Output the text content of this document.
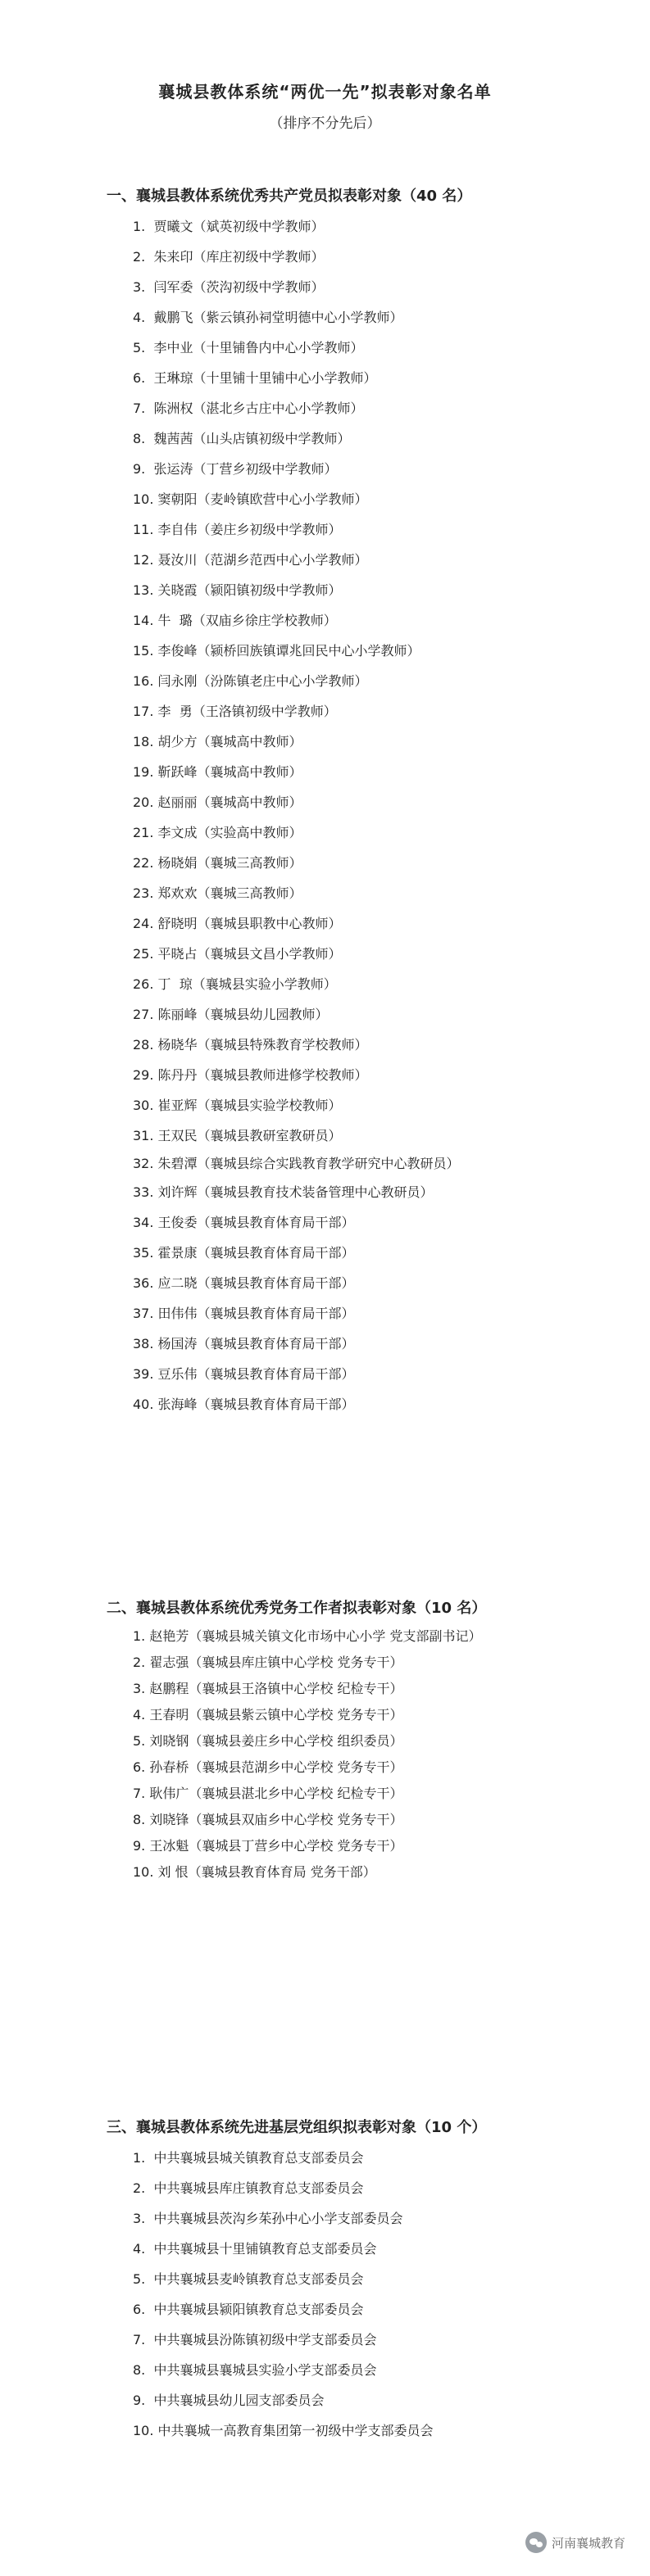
襄城县教体系统“两优一先”拟表彰对象名单
（排序不分先后）
一、襄城县教体系统优秀共产党员拟表彰对象（40 名）
1.  贾曦文（斌英初级中学教师）
2.  朱来印（库庄初级中学教师）
3.  闫军委（茨沟初级中学教师）
4.  戴鹏飞（紫云镇孙祠堂明德中心小学教师）
5.  李中业（十里铺鲁内中心小学教师）
6.  王琳琼（十里铺十里铺中心小学教师）
7.  陈洲权（湛北乡古庄中心小学教师）
8.  魏茜茜（山头店镇初级中学教师）
9.  张运涛（丁营乡初级中学教师）
10. 窦朝阳（麦岭镇欧营中心小学教师）
11. 李自伟（姜庄乡初级中学教师）
12. 聂汝川（范湖乡范西中心小学教师）
13. 关晓霞（颍阳镇初级中学教师）
14. 牛  璐（双庙乡徐庄学校教师）
15. 李俊峰（颍桥回族镇谭兆回民中心小学教师）
16. 闫永刚（汾陈镇老庄中心小学教师）
17. 李  勇（王洛镇初级中学教师）
18. 胡少方（襄城高中教师）
19. 靳跃峰（襄城高中教师）
20. 赵丽丽（襄城高中教师）
21. 李文成（实验高中教师）
22. 杨晓娟（襄城三高教师）
23. 郑欢欢（襄城三高教师）
24. 舒晓明（襄城县职教中心教师）
25. 平晓占（襄城县文昌小学教师）
26. 丁  琼（襄城县实验小学教师）
27. 陈丽峰（襄城县幼儿园教师）
28. 杨晓华（襄城县特殊教育学校教师）
29. 陈丹丹（襄城县教师进修学校教师）
30. 崔亚辉（襄城县实验学校教师）
31. 王双民（襄城县教研室教研员）
32. 朱碧潭（襄城县综合实践教育教学研究中心教研员）
33. 刘许辉（襄城县教育技术装备管理中心教研员）
34. 王俊委（襄城县教育体育局干部）
35. 霍景康（襄城县教育体育局干部）
36. 应二晓（襄城县教育体育局干部）
37. 田伟伟（襄城县教育体育局干部）
38. 杨国涛（襄城县教育体育局干部）
39. 豆乐伟（襄城县教育体育局干部）
40. 张海峰（襄城县教育体育局干部）
二、襄城县教体系统优秀党务工作者拟表彰对象（10 名）
1. 赵艳芳（襄城县城关镇文化市场中心小学 党支部副书记）
2. 翟志强（襄城县库庄镇中心学校 党务专干）
3. 赵鹏程（襄城县王洛镇中心学校 纪检专干）
4. 王春明（襄城县紫云镇中心学校 党务专干）
5. 刘晓钢（襄城县姜庄乡中心学校 组织委员）
6. 孙春桥（襄城县范湖乡中心学校 党务专干）
7. 耿伟广（襄城县湛北乡中心学校 纪检专干）
8. 刘晓锋（襄城县双庙乡中心学校 党务专干）
9. 王冰魁（襄城县丁营乡中心学校 党务专干）
10. 刘 恨（襄城县教育体育局 党务干部）
三、襄城县教体系统先进基层党组织拟表彰对象（10 个）
1.  中共襄城县城关镇教育总支部委员会
2.  中共襄城县库庄镇教育总支部委员会
3.  中共襄城县茨沟乡茱孙中心小学支部委员会
4.  中共襄城县十里铺镇教育总支部委员会
5.  中共襄城县麦岭镇教育总支部委员会
6.  中共襄城县颍阳镇教育总支部委员会
7.  中共襄城县汾陈镇初级中学支部委员会
8.  中共襄城县襄城县实验小学支部委员会
9.  中共襄城县幼儿园支部委员会
10. 中共襄城一高教育集团第一初级中学支部委员会
河南襄城教育
